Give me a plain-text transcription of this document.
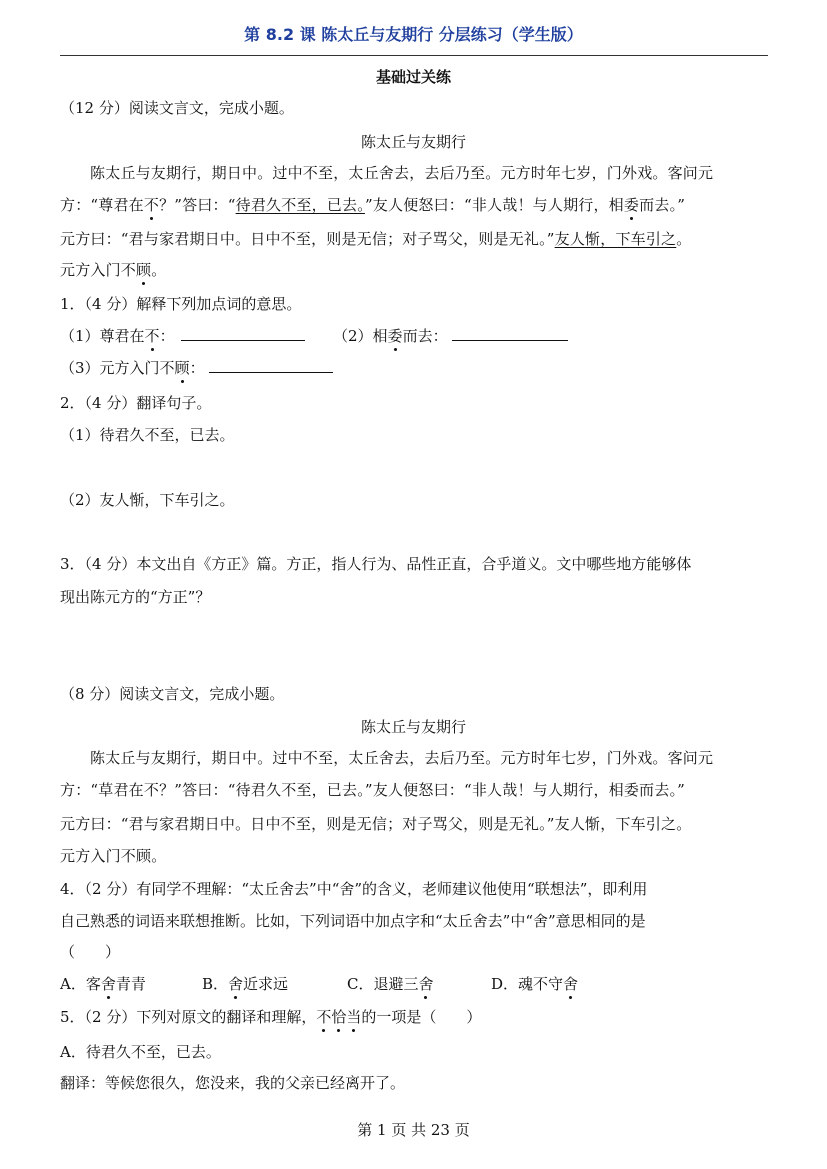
第 8.2 课 陈太丘与友期行 分层练习（学生版）
基础过关练
（12 分）阅读文言文，完成小题。
陈太丘与友期行
陈太丘与友期行，期日中。过中不至，太丘舍去，去后乃至。元方时年七岁，门外戏。客问元
方：“尊君在不？”答曰：“待君久不至，已去。”友人便怒曰：“非人哉！与人期行，相委而去。”
元方曰：“君与家君期日中。日中不至，则是无信；对子骂父，则是无礼。”友人惭，下车引之。
元方入门不顾。
1．（4 分）解释下列加点词的意思。
（1）尊君在不：	（2）相委而去：
（3）元方入门不顾：
2．（4 分）翻译句子。
（1）待君久不至，已去。
（2）友人惭，下车引之。
3．（4 分）本文出自《方正》篇。方正，指人行为、品性正直，合乎道义。文中哪些地方能够体
现出陈元方的“方正”？
（8 分）阅读文言文，完成小题。
陈太丘与友期行
陈太丘与友期行，期日中。过中不至，太丘舍去，去后乃至。元方时年七岁，门外戏。客问元
方：“草君在不？”答曰：“待君久不至，已去。”友人便怒曰：“非人哉！与人期行，相委而去。”
元方曰：“君与家君期日中。日中不至，则是无信；对子骂父，则是无礼。”友人惭，下车引之。
元方入门不顾。
4．（2 分）有同学不理解：“太丘舍去”中“舍”的含义，老师建议他使用“联想法”，即利用
自己熟悉的词语来联想推断。比如，下列词语中加点字和“太丘舍去”中“舍”意思相同的是
（　　）
A．客舍青青	B．舍近求远	C．退避三舍	D．魂不守舍
5．（2 分）下列对原文的翻译和理解，不恰当的一项是（　　）
A．待君久不至，已去。
翻译：等候您很久，您没来，我的父亲已经离开了。
第 1 页 共 23 页
